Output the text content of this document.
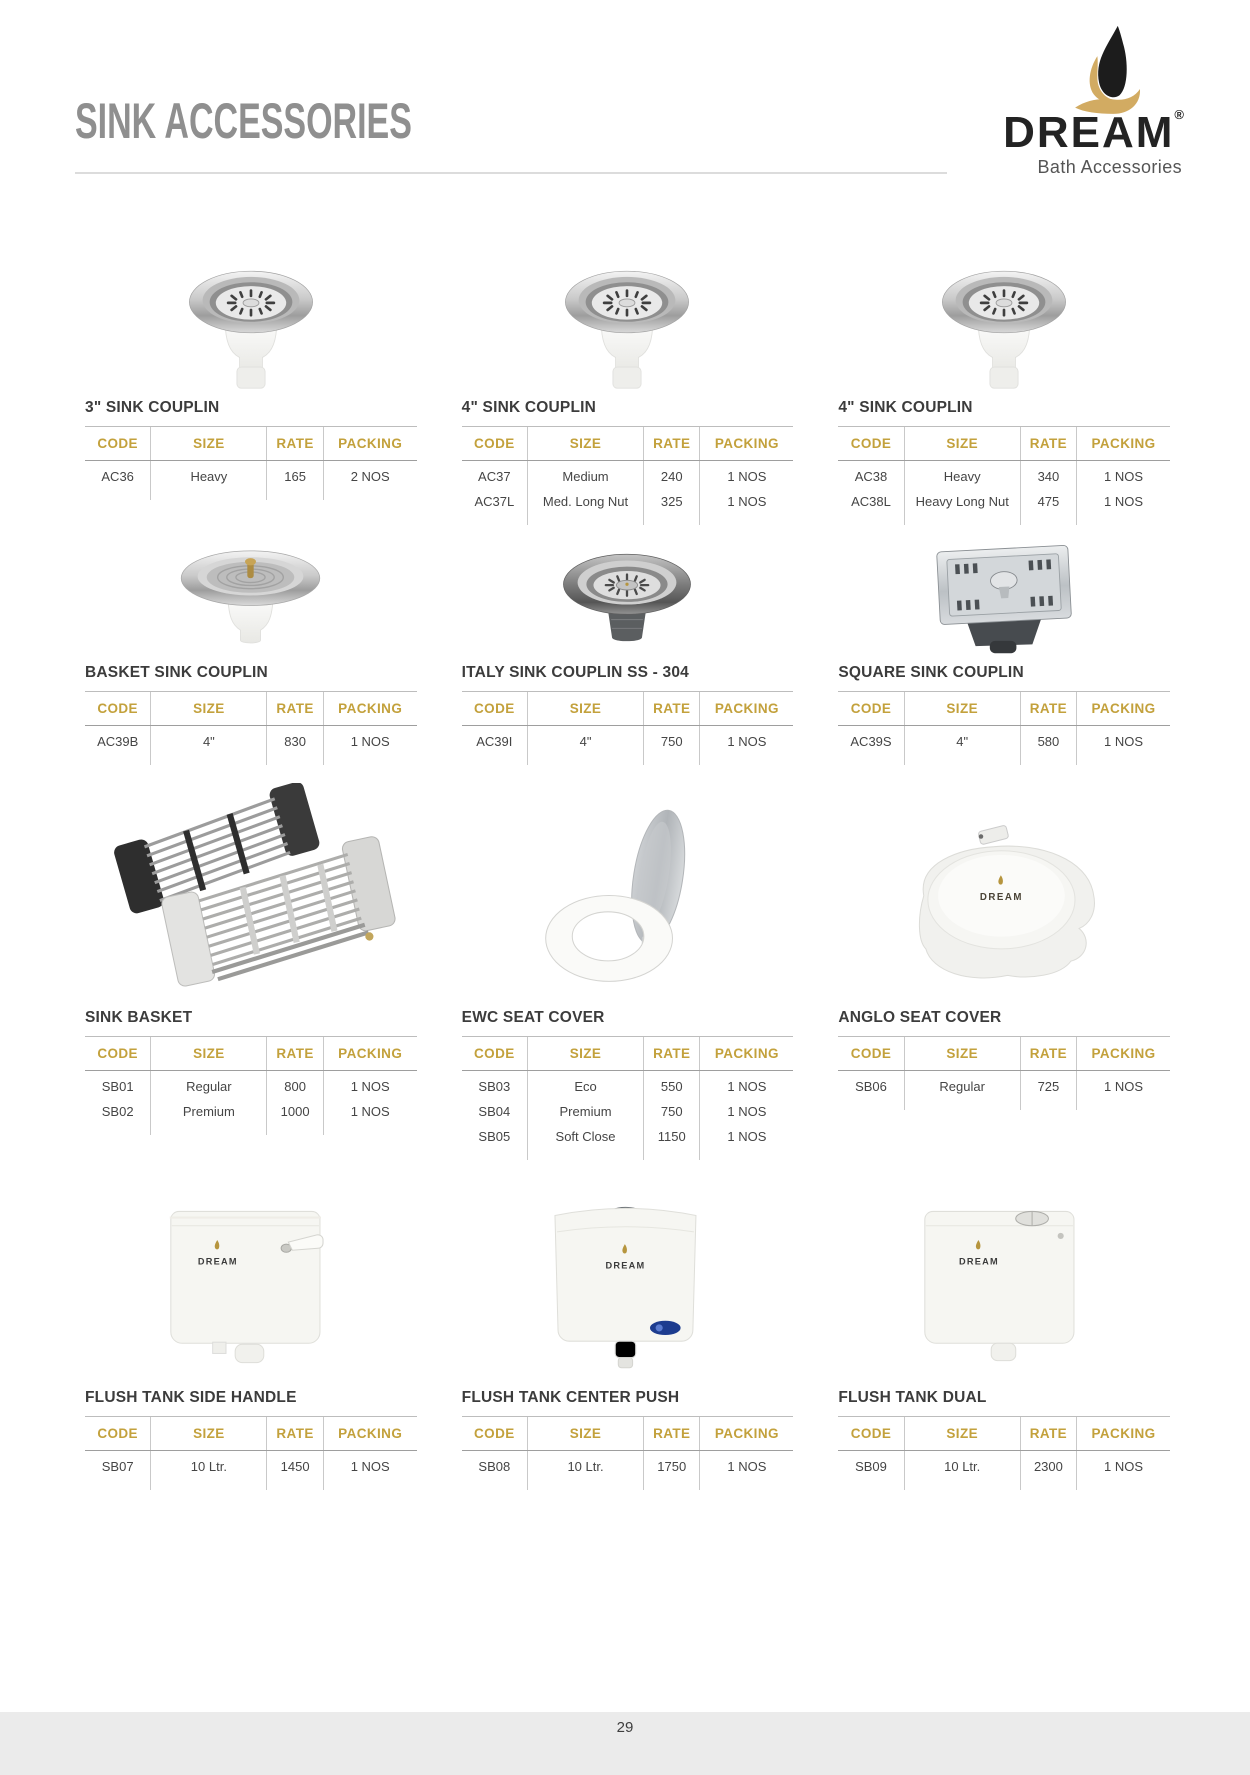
SINK ACCESSORIES	DREAM®
Bath Accessories
3" SINK COUPLIN
CODE	SIZE	RATE	PACKING
AC36	Heavy	165	2 NOS
4" SINK COUPLIN
CODE	SIZE	RATE	PACKING
AC37	Medium	240	1 NOS
AC37L	Med. Long Nut	325	1 NOS
4" SINK COUPLIN
CODE	SIZE	RATE	PACKING
AC38	Heavy	340	1 NOS
AC38L	Heavy Long Nut	475	1 NOS
BASKET SINK COUPLIN
CODE	SIZE	RATE	PACKING
AC39B	4"	830	1 NOS
ITALY SINK COUPLIN SS - 304
CODE	SIZE	RATE	PACKING
AC39I	4"	750	1 NOS
SQUARE SINK COUPLIN
CODE	SIZE	RATE	PACKING
AC39S	4"	580	1 NOS
SINK BASKET
CODE	SIZE	RATE	PACKING
SB01	Regular	800	1 NOS
SB02	Premium	1000	1 NOS
EWC SEAT COVER
CODE	SIZE	RATE	PACKING
SB03	Eco	550	1 NOS
SB04	Premium	750	1 NOS
SB05	Soft Close	1150	1 NOS
DREAM
ANGLO SEAT COVER
CODE	SIZE	RATE	PACKING
SB06	Regular	725	1 NOS
DREAM
FLUSH TANK SIDE HANDLE
CODE	SIZE	RATE	PACKING
SB07	10 Ltr.	1450	1 NOS
DREAM
FLUSH TANK CENTER PUSH
CODE	SIZE	RATE	PACKING
SB08	10 Ltr.	1750	1 NOS
DREAM
FLUSH TANK DUAL
CODE	SIZE	RATE	PACKING
SB09	10 Ltr.	2300	1 NOS
29
